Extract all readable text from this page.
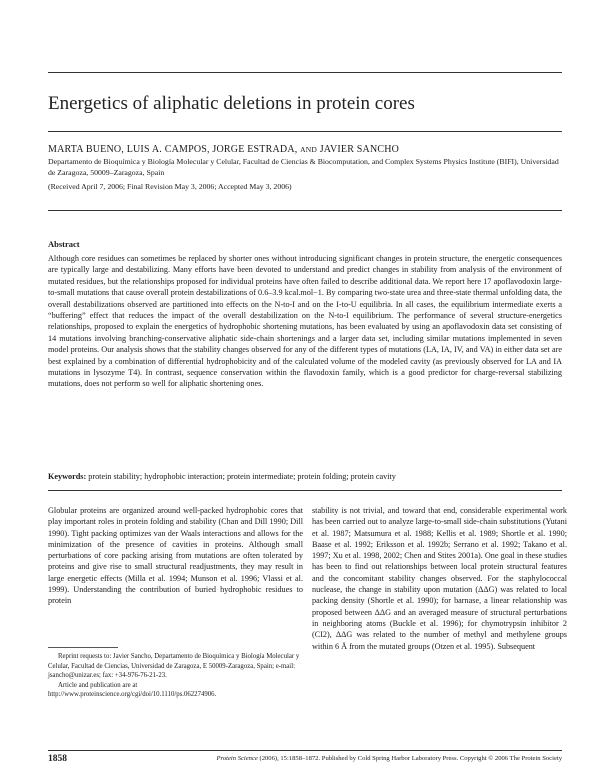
Energetics of aliphatic deletions in protein cores
MARTA BUENO, LUIS A. CAMPOS, JORGE ESTRADA, AND JAVIER SANCHO
Departamento de Bioquímica y Biología Molecular y Celular, Facultad de Ciencias & Biocomputation, and Complex Systems Physics Institute (BIFI), Universidad de Zaragoza, 50009–Zaragoza, Spain
(Received April 7, 2006; Final Revision May 3, 2006; Accepted May 3, 2006)
Abstract

Although core residues can sometimes be replaced by shorter ones without introducing significant changes in protein structure, the energetic consequences are typically large and destabilizing. Many efforts have been devoted to understand and predict changes in stability from analysis of the environment of mutated residues, but the relationships proposed for individual proteins have often failed to describe additional data. We report here 17 apoflavodoxin large-to-small mutations that cause overall protein destabilizations of 0.6–3.9 kcal.mol−1. By comparing two-state urea and three-state thermal unfolding data, the overall destabilizations observed are partitioned into effects on the N-to-I and on the I-to-U equilibria. In all cases, the equilibrium intermediate exerts a “buffering” effect that reduces the impact of the overall destabilization on the N-to-I equilibrium. The performance of several structure-energetics relationships, proposed to explain the energetics of hydrophobic shortening mutations, has been evaluated by using an apoflavodoxin data set consisting of 14 mutations involving branching-conservative aliphatic side-chain shortenings and a larger data set, including similar mutations implemented in seven model proteins. Our analysis shows that the stability changes observed for any of the different types of mutations (LA, IA, IV, and VA) in either data set are best explained by a combination of differential hydrophobicity and of the calculated volume of the modeled cavity (as previously observed for LA and IA mutations in lysozyme T4). In contrast, sequence conservation within the flavodoxin family, which is a good predictor for charge-reversal stabilizing mutations, does not perform so well for aliphatic shortening ones.

Keywords: protein stability; hydrophobic interaction; protein intermediate; protein folding; protein cavity

Globular proteins are organized around well-packed hydrophobic cores that play important roles in protein folding and stability (Chan and Dill 1990; Dill 1990). Tight packing optimizes van der Waals interactions and allows for the minimization of the presence of cavities in proteins. Although small perturbations of core packing arising from mutations are often tolerated by proteins and give rise to small structural readjustments, they may result in large energetic effects (Milla et al. 1994; Munson et al. 1996; Vlassi et al. 1999). Understanding the contribution of buried hydrophobic residues to protein

stability is not trivial, and toward that end, considerable experimental work has been carried out to analyze large-to-small side-chain substitutions (Yutani et al. 1987; Matsumura et al. 1988; Kellis et al. 1989; Shortle et al. 1990; Baase et al. 1992; Eriksson et al. 1992b; Serrano et al. 1992; Takano et al. 1997; Xu et al. 1998, 2002; Chen and Stites 2001a). One goal in these studies has been to find out relationships between local protein structural features and the concomitant stability changes observed. For the staphylococcal nuclease, the change in stability upon mutation (ΔΔG) was related to local packing density (Shortle et al. 1990); for barnase, a linear relationship was proposed between ΔΔG and an averaged measure of structural perturbations in neighboring atoms (Buckle et al. 1996); for chymotrypsin inhibitor 2 (CI2), ΔΔG was related to the number of methyl and methylene groups within 6 Å from the mutated groups (Otzen et al. 1995). Subsequent

Reprint requests to: Javier Sancho, Departamento de Bioquímica y Biología Molecular y Celular, Facultad de Ciencias, Universidad de Zaragoza, E 50009-Zaragoza, Spain; e-mail: jsancho@unizar.es; fax: +34-976-76-21-23.

Article and publication are at http://www.proteinscience.org/cgi/doi/10.1110/ps.062274906.

1858	Protein Science (2006), 15:1858–1872. Published by Cold Spring Harbor Laboratory Press. Copyright © 2006 The Protein Society
